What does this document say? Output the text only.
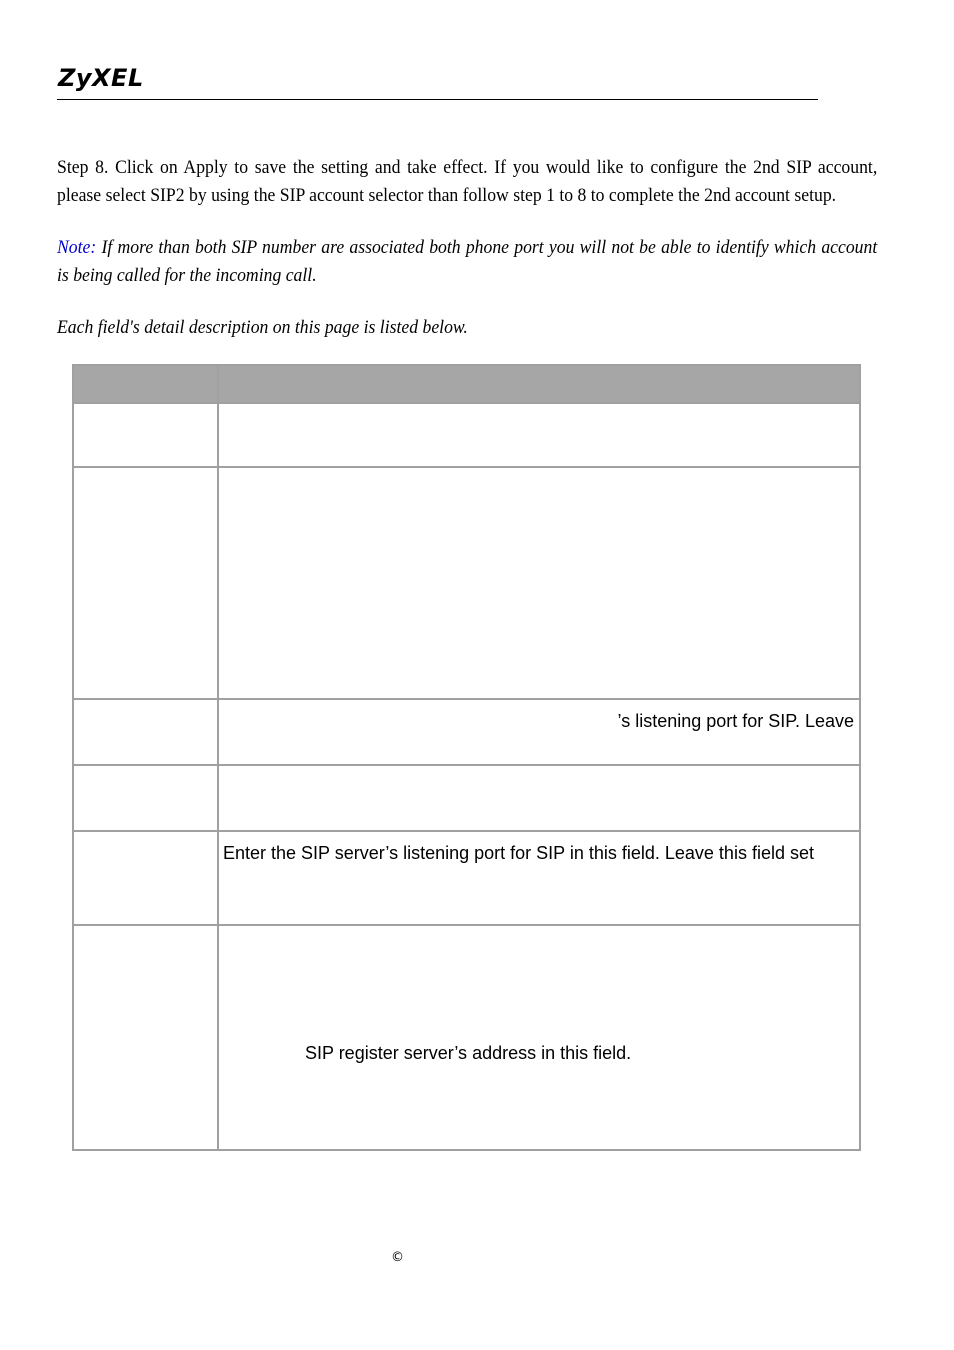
ZyXEL
Step 8. Click on Apply to save the setting and take effect. If you would like to configure the 2nd SIP account, please select SIP2 by using the SIP account selector than follow step 1 to 8 to complete the 2nd account setup.
Note: If more than both SIP number are associated both phone port you will not be able to identify which account is being called for the incoming call.
Each field's detail description on this page is listed below.

	’s listening port for SIP. Leave

	Enter the SIP server’s listening port for SIP in this field. Leave this field set

	SIP register server’s address in this field.
©
